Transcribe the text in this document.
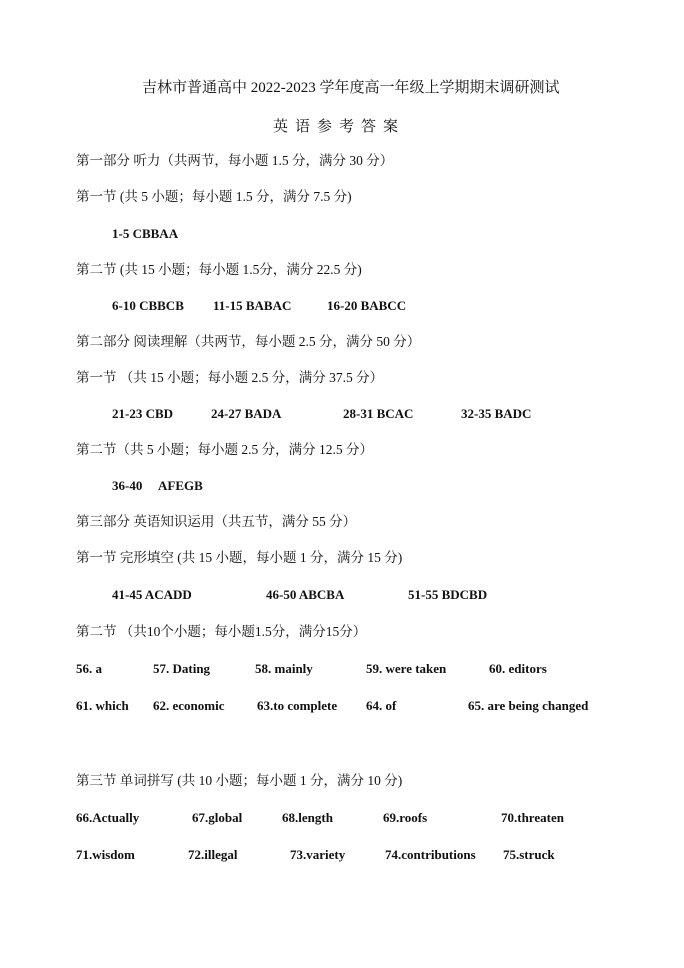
吉林市普通高中 2022-2023 学年度高一年级上学期期末调研测试
英语参考答案
第一部分 听力（共两节，每小题 1.5 分，满分 30 分）
第一节 (共 5 小题；每小题 1.5 分，满分 7.5 分)
1-5 CBBAA
第二节 (共 15 小题；每小题 1.5分，满分 22.5 分)
6-10 CBBCB 11-15 BABAC	16-20 BABCC
第二部分 阅读理解（共两节，每小题 2.5 分，满分 50 分）
第一节 （共 15 小题；每小题 2.5 分，满分 37.5 分）
21-23 CBD	24-27 BADA	28-31 BCAC	32-35 BADC
第二节（共 5 小题；每小题 2.5 分，满分 12.5 分）
36-40 AFEGB
第三部分 英语知识运用（共五节，满分 55 分）
第一节 完形填空 (共 15 小题，每小题 1 分，满分 15 分)
41-45 ACADD	46-50 ABCBA	51-55 BDCBD
第二节 （共10个小题；每小题1.5分，满分15分）
56. a	57. Dating	58. mainly	59. were taken	60. editors
61. which 62. economic	63.to complete 64. of	65. are being changed
第三节 单词拼写 (共 10 小题；每小题 1 分，满分 10 分)
66.Actually	67.global	68.length	69.roofs	70.threaten
71.wisdom	72.illegal	73.variety	74.contributions 75.struck
